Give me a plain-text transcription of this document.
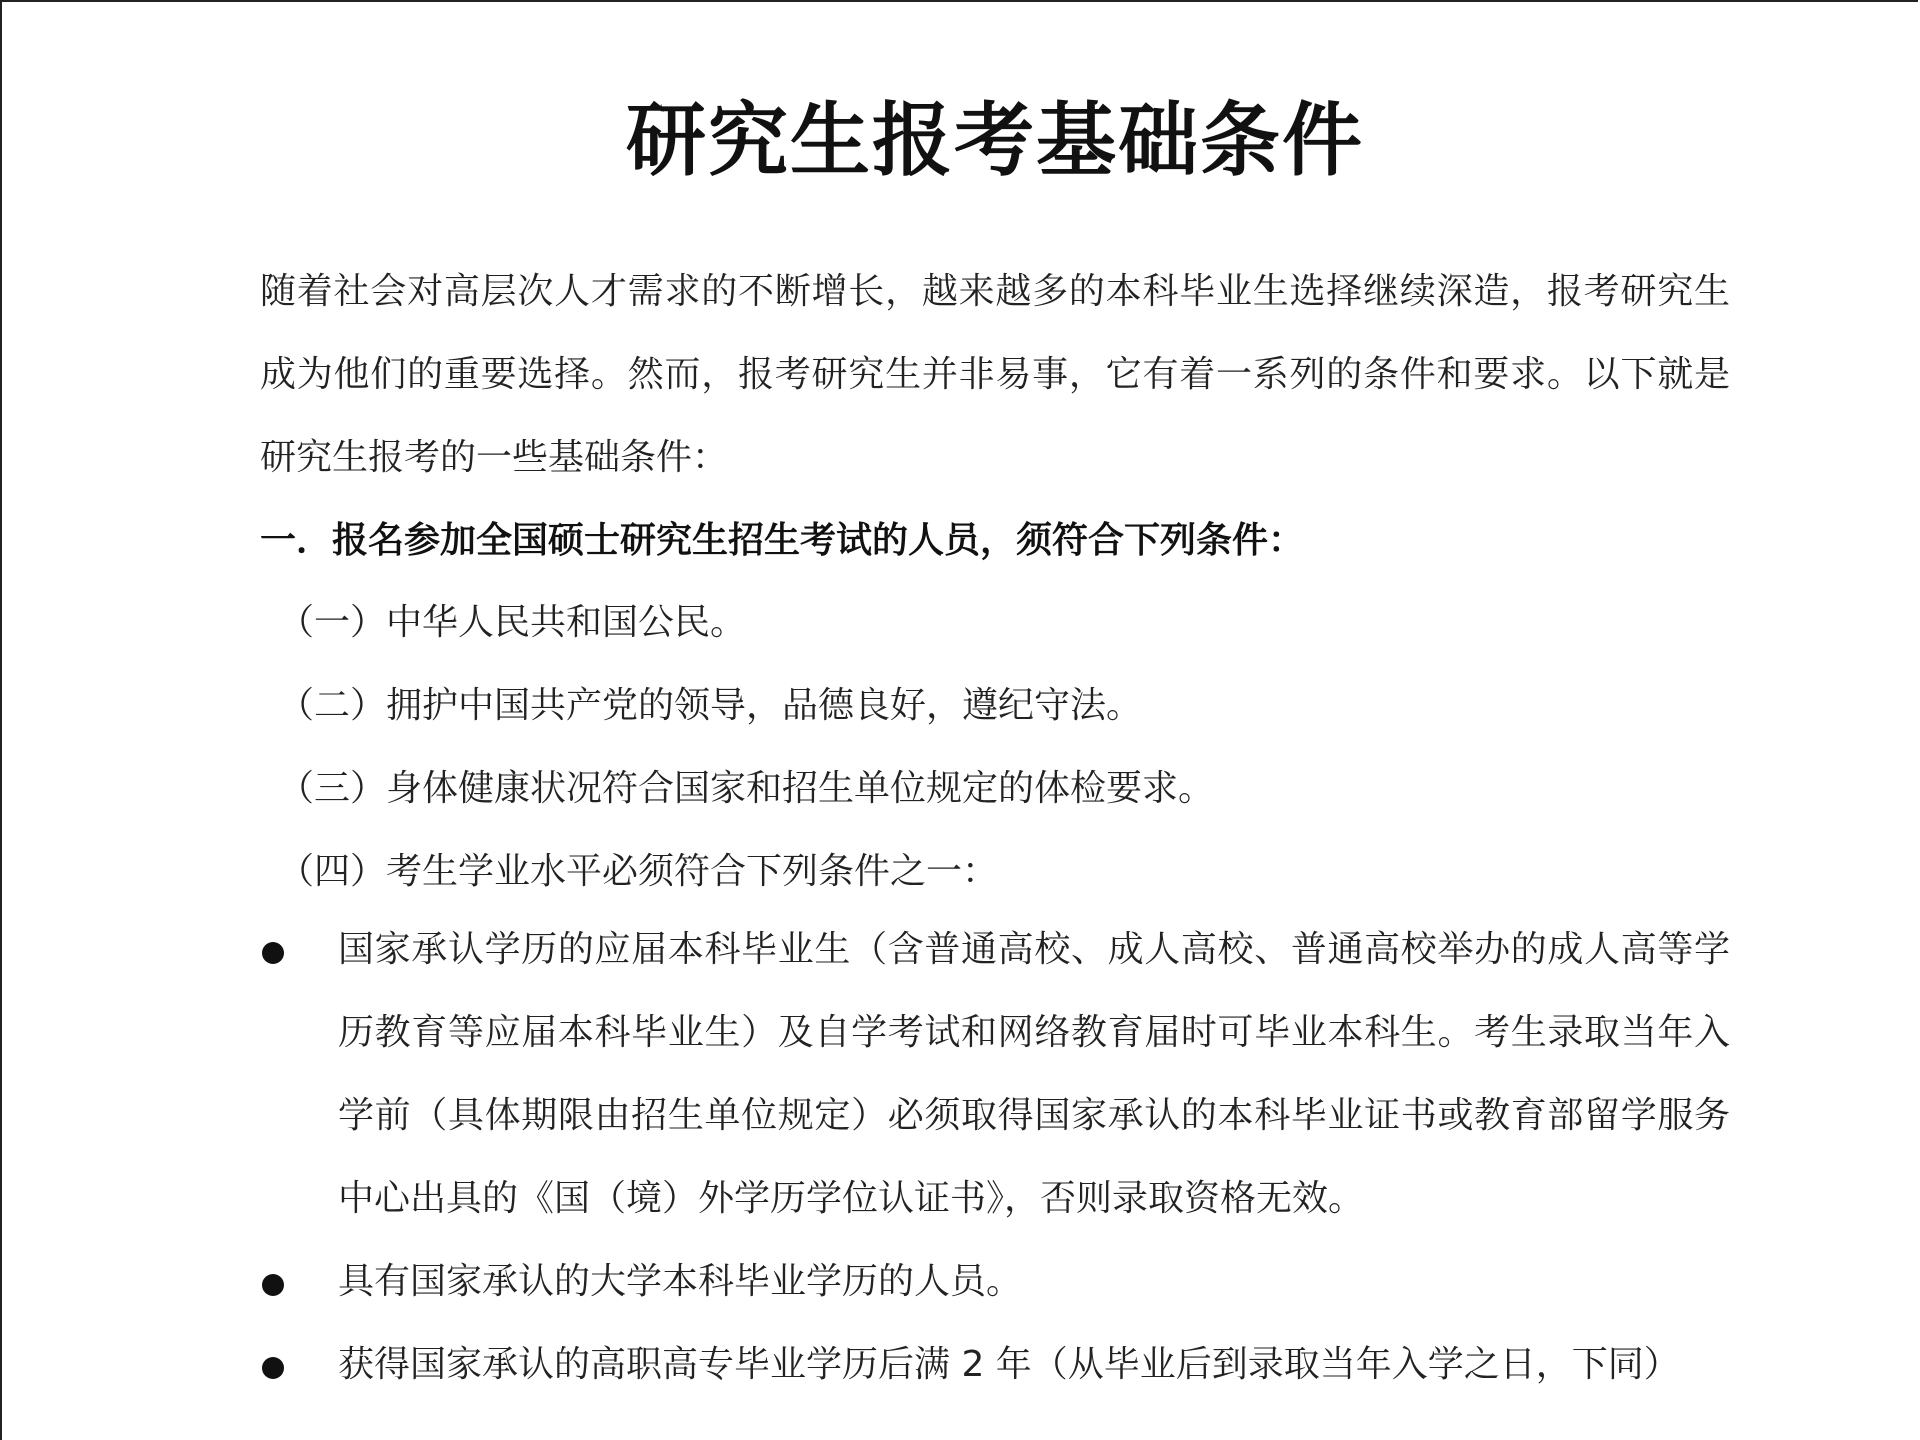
研究生报考基础条件
随着社会对高层次人才需求的不断增长，越来越多的本科毕业生选择继续深造，报考研究生成为他们的重要选择。然而，报考研究生并非易事，它有着一系列的条件和要求。以下就是研究生报考的一些基础条件：
一．报名参加全国硕士研究生招生考试的人员，须符合下列条件：
（一）中华人民共和国公民。
（二）拥护中国共产党的领导，品德良好，遵纪守法。
（三）身体健康状况符合国家和招生单位规定的体检要求。
（四）考生学业水平必须符合下列条件之一：
国家承认学历的应届本科毕业生（含普通高校、成人高校、普通高校举办的成人高等学历教育等应届本科毕业生）及自学考试和网络教育届时可毕业本科生。考生录取当年入学前（具体期限由招生单位规定）必须取得国家承认的本科毕业证书或教育部留学服务中心出具的《国（境）外学历学位认证书》，否则录取资格无效。
具有国家承认的大学本科毕业学历的人员。
获得国家承认的高职高专毕业学历后满 2 年（从毕业后到录取当年入学之日，下同）
